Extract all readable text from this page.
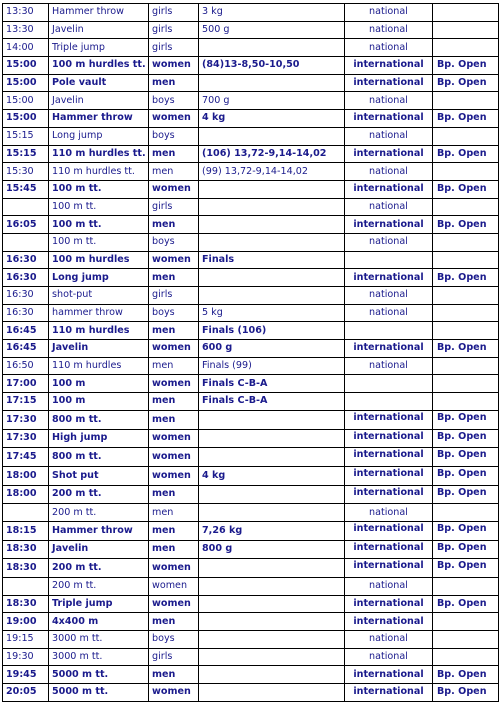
13:30	Hammer throw	girls	3 kg	national	
13:30	Javelin	girls	500 g	national	
14:00	Triple jump	girls		national	
15:00	100 m hurdles tt.	women	(84)13-8,50-10,50	international	Bp. Open
15:00	Pole vault	men		international	Bp. Open
15:00	Javelin	boys	700 g	national	
15:00	Hammer throw	women	4 kg	international	Bp. Open
15:15	Long jump	boys		national	
15:15	110 m hurdles tt.	men	(106) 13,72-9,14-14,02	international	Bp. Open
15:30	110 m hurdles tt.	men	(99) 13,72-9,14-14,02	national	
15:45	100 m tt.	women		international	Bp. Open
	100 m tt.	girls		national	
16:05	100 m tt.	men		international	Bp. Open
	100 m tt.	boys		national	
16:30	100 m hurdles	women	Finals		
16:30	Long jump	men		international	Bp. Open
16:30	shot-put	girls		national	
16:30	hammer throw	boys	5 kg	national	
16:45	110 m hurdles	men	Finals (106)		
16:45	Javelin	women	600 g	international	Bp. Open
16:50	110 m hurdles	men	Finals (99)	national	
17:00	100 m	women	Finals C-B-A		
17:15	100 m	men	Finals C-B-A		
17:30	800 m tt.	men		international	Bp. Open
17:30	High jump	women		international	Bp. Open
17:45	800 m tt.	women		international	Bp. Open
18:00	Shot put	women	4 kg	international	Bp. Open
18:00	200 m tt.	men		international	Bp. Open
	200 m tt.	men		national	
18:15	Hammer throw	men	7,26 kg	international	Bp. Open
18:30	Javelin	men	800 g	international	Bp. Open
18:30	200 m tt.	women		international	Bp. Open
	200 m tt.	women		national	
18:30	Triple jump	women		international	Bp. Open
19:00	4x400 m	men		international	
19:15	3000 m tt.	boys		national	
19:30	3000 m tt.	girls		national	
19:45	5000 m tt.	men		international	Bp. Open
20:05	5000 m tt.	women		international	Bp. Open
